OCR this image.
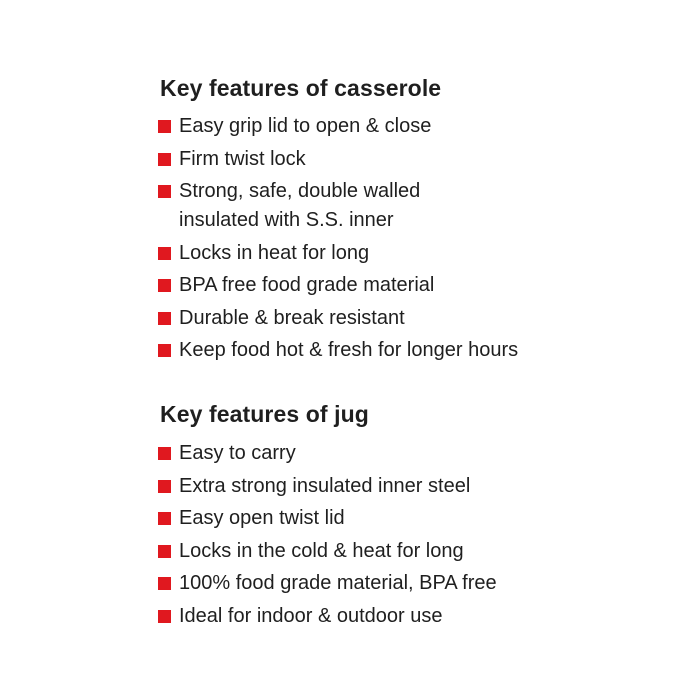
Key features of casserole
Easy grip lid to open & close
Firm twist lock
Strong, safe, double walled
insulated with S.S. inner
Locks in heat for long
BPA free food grade material
Durable & break resistant
Keep food hot & fresh for longer hours
Key features of jug
Easy to carry
Extra strong insulated inner steel
Easy open twist lid
Locks in the cold & heat for long
100% food grade material, BPA free
Ideal for indoor & outdoor use
